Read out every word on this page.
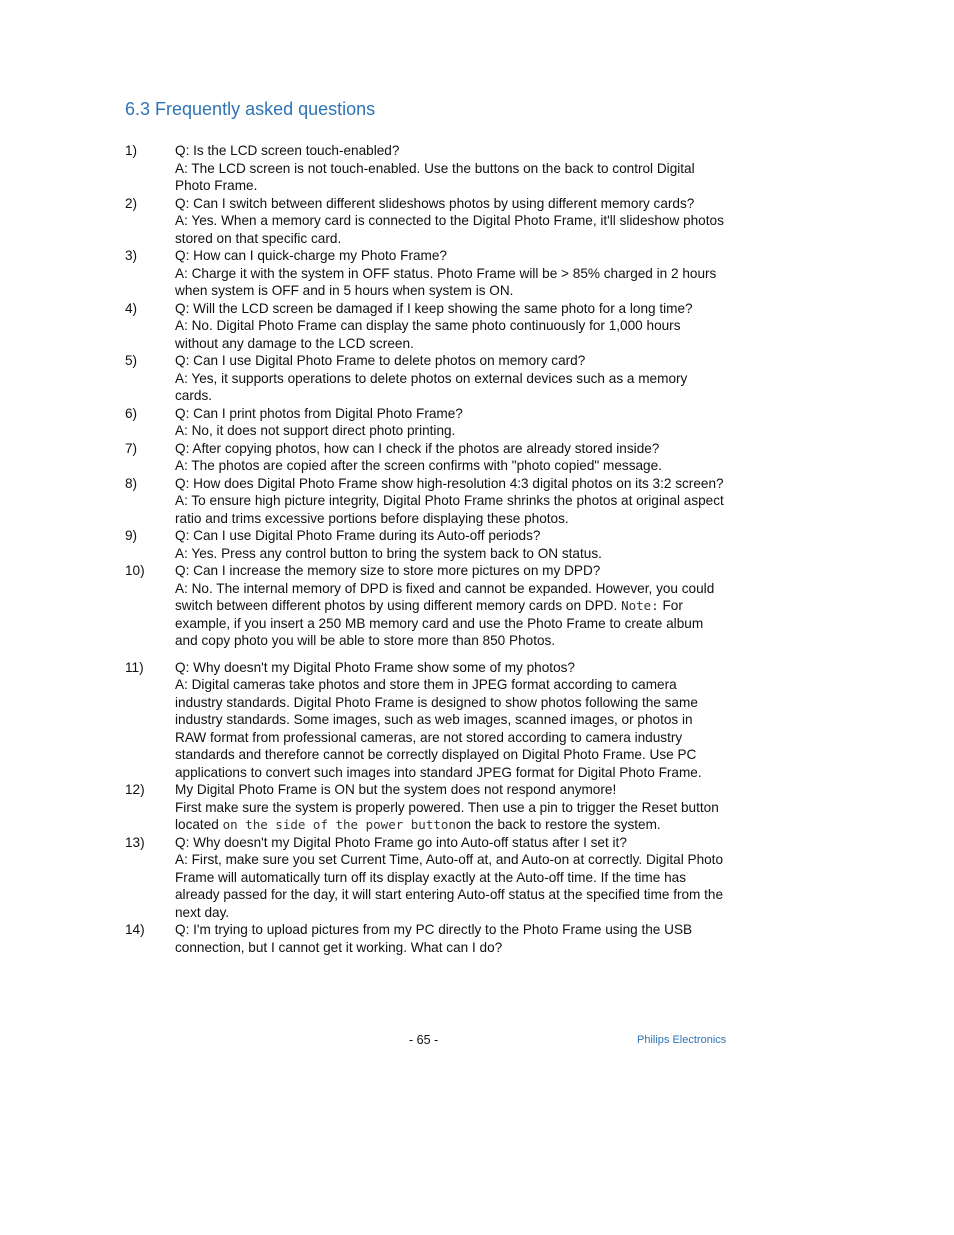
6.3 Frequently asked questions
1)	Q: Is the LCD screen touch-enabled?
A: The LCD screen is not touch-enabled. Use the buttons on the back to control Digital Photo Frame.
2)	Q: Can I switch between different slideshows photos by using different memory cards?
A: Yes. When a memory card is connected to the Digital Photo Frame, it'll slideshow photos stored on that specific card.
3)	Q: How can I quick-charge my Photo Frame?
A: Charge it with the system in OFF status. Photo Frame will be > 85% charged in 2 hours when system is OFF and in 5 hours when system is ON.
4)	Q: Will the LCD screen be damaged if I keep showing the same photo for a long time?
A: No. Digital Photo Frame can display the same photo continuously for 1,000 hours without any damage to the LCD screen.
5)	Q: Can I use Digital Photo Frame to delete photos on memory card?
A: Yes, it supports operations to delete photos on external devices such as a memory cards.
6)	Q: Can I print photos from Digital Photo Frame?
A: No, it does not support direct photo printing.
7)	Q: After copying photos, how can I check if the photos are already stored inside?
A: The photos are copied after the screen confirms with "photo copied" message.
8)	Q: How does Digital Photo Frame show high-resolution 4:3 digital photos on its 3:2 screen?
A: To ensure high picture integrity, Digital Photo Frame shrinks the photos at original aspect ratio and trims excessive portions before displaying these photos.
9)	Q: Can I use Digital Photo Frame during its Auto-off periods?
A: Yes. Press any control button to bring the system back to ON status.
10)	Q: Can I increase the memory size to store more pictures on my DPD?
A: No. The internal memory of DPD is fixed and cannot be expanded. However, you could switch between different photos by using different memory cards on DPD. Note: For example, if you insert a 250 MB memory card and use the Photo Frame to create album and copy photo you will be able to store more than 850 Photos.
11)	Q: Why doesn't my Digital Photo Frame show some of my photos?
A: Digital cameras take photos and store them in JPEG format according to camera industry standards. Digital Photo Frame is designed to show photos following the same industry standards. Some images, such as web images, scanned images, or photos in RAW format from professional cameras, are not stored according to camera industry standards and therefore cannot be correctly displayed on Digital Photo Frame. Use PC applications to convert such images into standard JPEG format for Digital Photo Frame.
12)	My Digital Photo Frame is ON but the system does not respond anymore!
First make sure the system is properly powered. Then use a pin to trigger the Reset button located on the side of the power buttonon the back to restore the system.
13)	Q: Why doesn't my Digital Photo Frame go into Auto-off status after I set it?
A: First, make sure you set Current Time, Auto-off at, and Auto-on at correctly. Digital Photo Frame will automatically turn off its display exactly at the Auto-off time. If the time has already passed for the day, it will start entering Auto-off status at the specified time from the next day.
14)	Q: I'm trying to upload pictures from my PC directly to the Photo Frame using the USB connection, but I cannot get it working. What can I do?
- 65 -	Philips Electronics
